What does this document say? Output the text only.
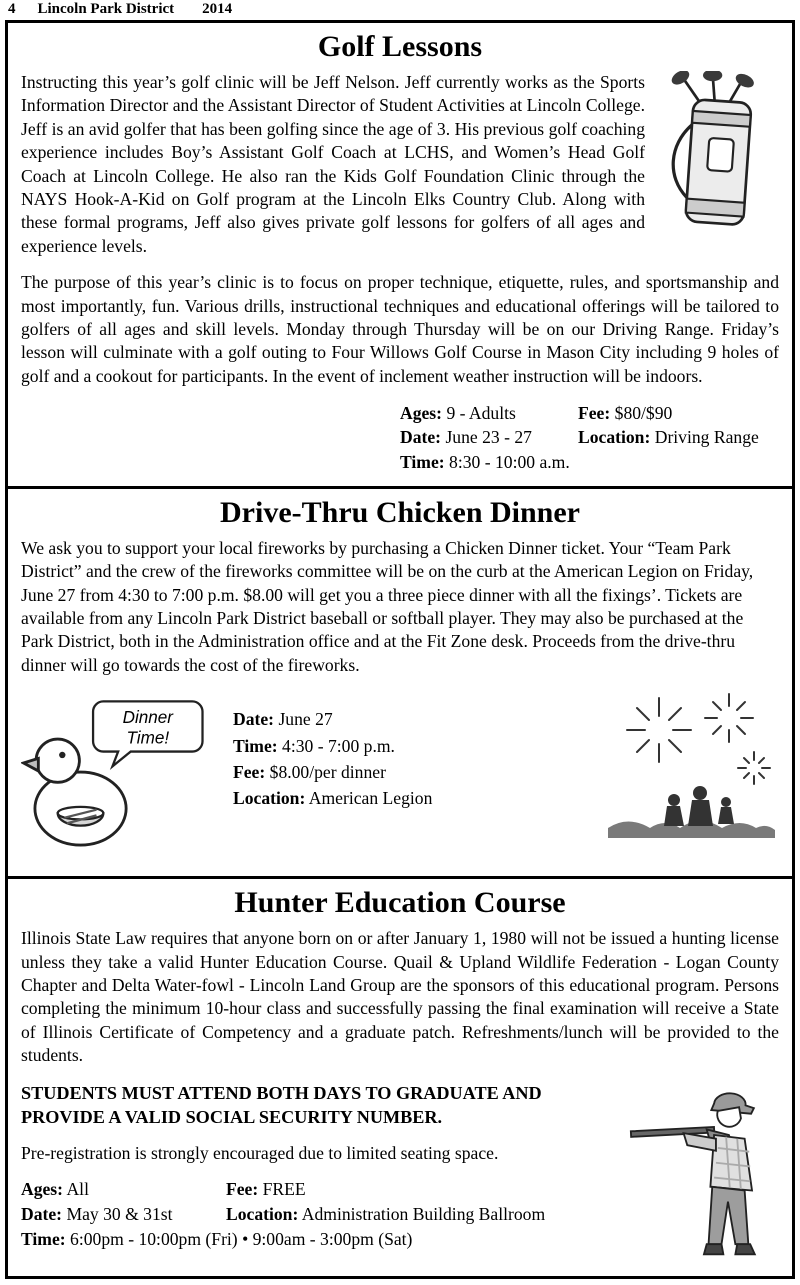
4 Lincoln Park District 2014
Golf Lessons

Instructing this year’s golf clinic will be Jeff Nelson. Jeff currently works as the Sports Information Director and the Assistant Director of Student Activities at Lincoln College. Jeff is an avid golfer that has been golfing since the age of 3. His previous golf coaching experience includes Boy’s Assistant Golf Coach at LCHS, and Women’s Head Golf Coach at Lincoln College. He also ran the Kids Golf Foundation Clinic through the NAYS Hook-A-Kid on Golf program at the Lincoln Elks Country Club. Along with these formal programs, Jeff also gives private golf lessons for golfers of all ages and experience levels.

The purpose of this year’s clinic is to focus on proper technique, etiquette, rules, and sportsmanship and most importantly, fun. Various drills, instructional techniques and educational offerings will be tailored to golfers of all ages and skill levels. Monday through Thursday will be on our Driving Range. Friday’s lesson will culminate with a golf outing to Four Willows Golf Course in Mason City including 9 holes of golf and a cookout for participants. In the event of inclement weather instruction will be indoors.

Ages: 9 - Adults	Fee: $80/$90
Date: June 23 - 27	Location: Driving Range
Time: 8:30 - 10:00 a.m.
Drive-Thru Chicken Dinner

We ask you to support your local fireworks by purchasing a Chicken Dinner ticket. Your “Team Park District” and the crew of the fireworks committee will be on the curb at the American Legion on Friday, June 27 from 4:30 to 7:00 p.m. $8.00 will get you a three piece dinner with all the fixings’. Tickets are available from any Lincoln Park District baseball or softball player. They may also be purchased at the Park District, both in the Administration office and at the Fit Zone desk. Proceeds from the drive-thru dinner will go towards the cost of the fireworks.

Dinner
Time!
Date: June 27
Time: 4:30 - 7:00 p.m.
Fee: $8.00/per dinner
Location: American Legion
Hunter Education Course

Illinois State Law requires that anyone born on or after January 1, 1980 will not be issued a hunting license unless they take a valid Hunter Education Course. Quail & Upland Wildlife Federation - Logan County Chapter and Delta Water-fowl - Lincoln Land Group are the sponsors of this educational program. Persons completing the minimum 10-hour class and successfully passing the final examination will receive a State of Illinois Certificate of Competency and a graduate patch. Refreshments/lunch will be provided to the students.

STUDENTS MUST ATTEND BOTH DAYS TO GRADUATE AND PROVIDE A VALID SOCIAL SECURITY NUMBER.

Pre-registration is strongly encouraged due to limited seating space.

Ages: All	Fee: FREE
Date: May 30 & 31st	Location: Administration Building Ballroom
Time: 6:00pm - 10:00pm (Fri) • 9:00am - 3:00pm (Sat)
